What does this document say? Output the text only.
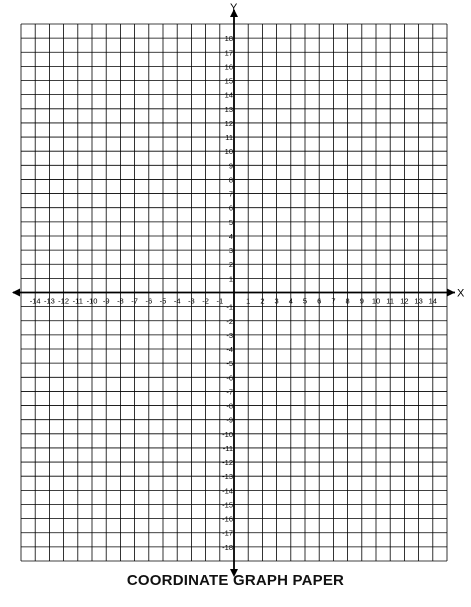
-14 -13 -12 -11 -10 -9 -8 -7 -6 -5 -4 -3 -2 -1	1 2 3 4 5 6 7 8 9 10 11 12 13 14
18
17
16
15
14
13
12
11
10
9
8
7
6
5
4
3
2
1
-1
-2
-3
-4
-5
-6
-7
-8
-9
-10
-11
-12
-13
-14
-15
-16
-17
-18
X
Y
COORDINATE GRAPH PAPER
